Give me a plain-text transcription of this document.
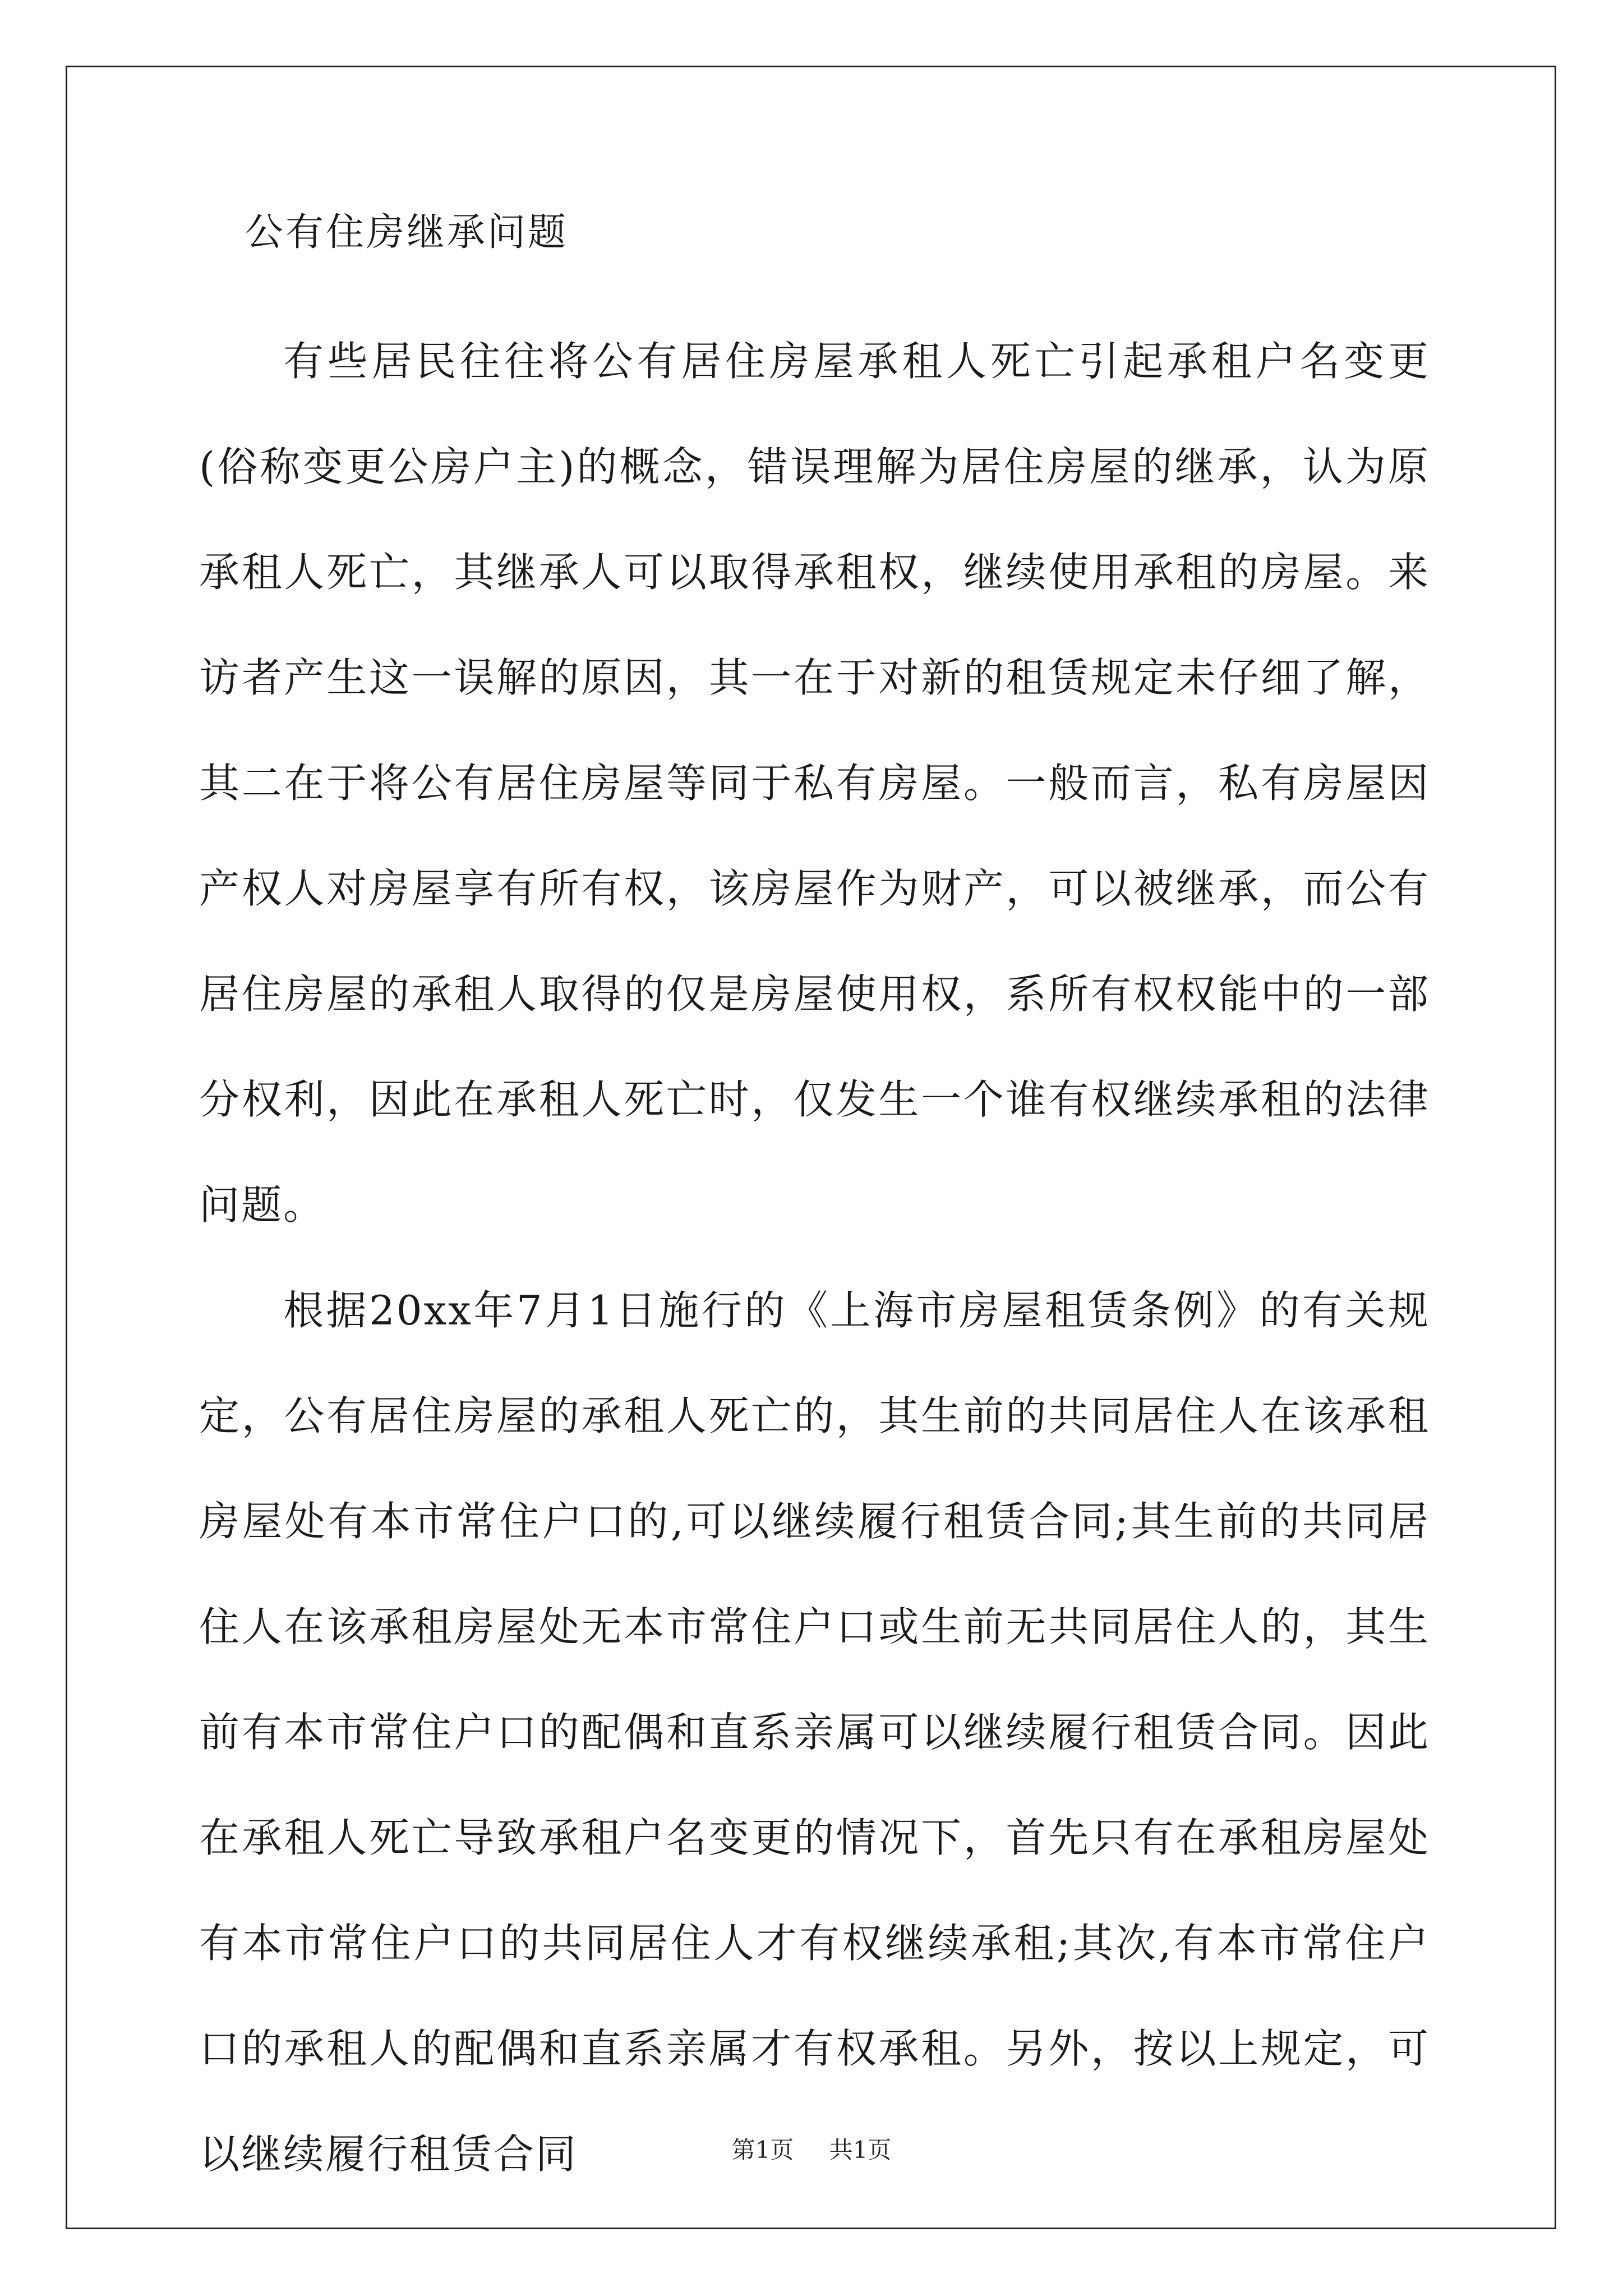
公有住房继承问题

有些居民往往将公有居住房屋承租人死亡引起承租户名变更(俗称变更公房户主)的概念，错误理解为居住房屋的继承，认为原承租人死亡，其继承人可以取得承租权，继续使用承租的房屋。来访者产生这一误解的原因，其一在于对新的租赁规定未仔细了解，其二在于将公有居住房屋等同于私有房屋。一般而言，私有房屋因产权人对房屋享有所有权，该房屋作为财产，可以被继承，而公有居住房屋的承租人取得的仅是房屋使用权，系所有权权能中的一部分权利，因此在承租人死亡时，仅发生一个谁有权继续承租的法律问题。

根据20xx年7月1日施行的《上海市房屋租赁条例》的有关规定，公有居住房屋的承租人死亡的，其生前的共同居住人在该承租房屋处有本市常住户口的,可以继续履行租赁合同;其生前的共同居住人在该承租房屋处无本市常住户口或生前无共同居住人的，其生前有本市常住户口的配偶和直系亲属可以继续履行租赁合同。因此在承租人死亡导致承租户名变更的情况下，首先只有在承租房屋处有本市常住户口的共同居住人才有权继续承租;其次,有本市常住户口的承租人的配偶和直系亲属才有权承租。另外，按以上规定，可以继续履行租赁合同	第1页 共1页
